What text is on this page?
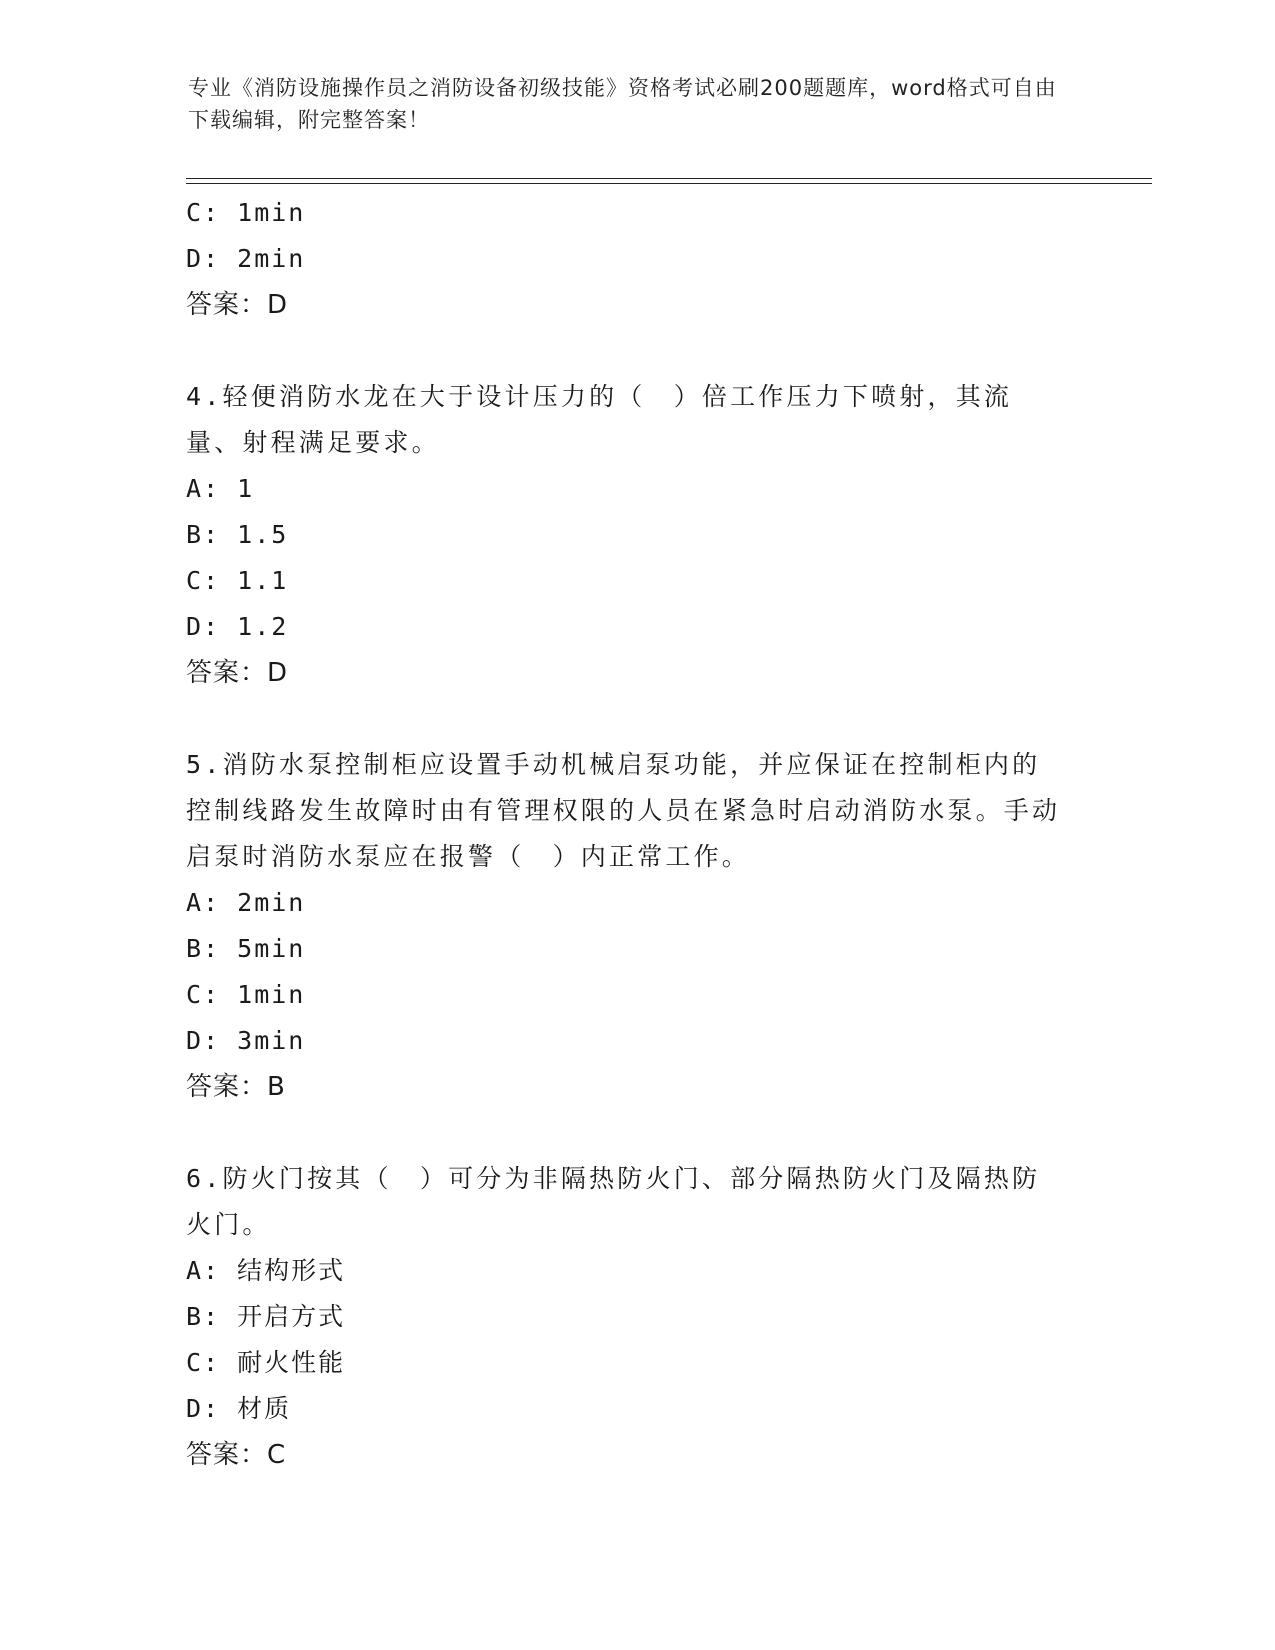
专业《消防设施操作员之消防设备初级技能》资格考试必刷200题题库，word格式可自由下载编辑，附完整答案！
C: 1min
D: 2min
答案：D
4.轻便消防水龙在大于设计压力的（　）倍工作压力下喷射，其流量、射程满足要求。
A: 1
B: 1.5
C: 1.1
D: 1.2
答案：D
5.消防水泵控制柜应设置手动机械启泵功能，并应保证在控制柜内的控制线路发生故障时由有管理权限的人员在紧急时启动消防水泵。手动启泵时消防水泵应在报警（　）内正常工作。
A: 2min
B: 5min
C: 1min
D: 3min
答案：B
6.防火门按其（　）可分为非隔热防火门、部分隔热防火门及隔热防火门。
A: 结构形式
B: 开启方式
C: 耐火性能
D: 材质
答案：C
